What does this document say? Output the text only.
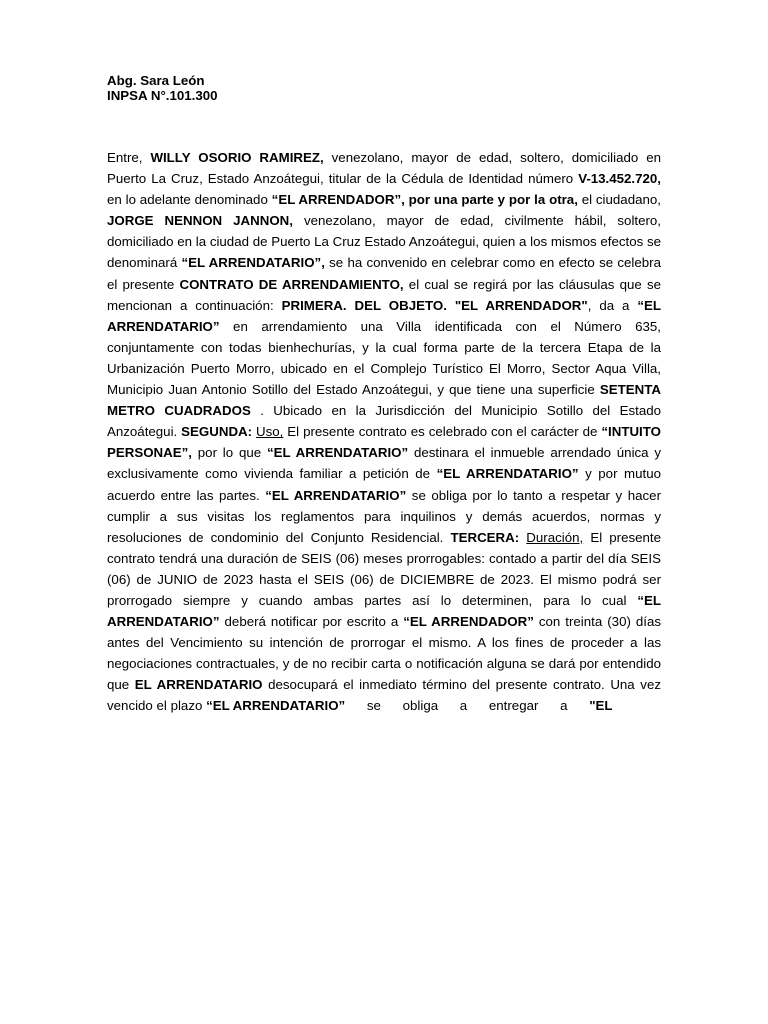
Abg. Sara León
INPSA N°.101.300
Entre, WILLY OSORIO RAMIREZ, venezolano, mayor de edad, soltero, domiciliado en Puerto La Cruz, Estado Anzoátegui, titular de la Cédula de Identidad número V-13.452.720, en lo adelante denominado “EL ARRENDADOR”, por una parte y por la otra, el ciudadano, JORGE NENNON JANNON, venezolano, mayor de edad, civilmente hábil, soltero, domiciliado en la ciudad de Puerto La Cruz Estado Anzoátegui, quien a los mismos efectos se denominará “EL ARRENDATARIO”, se ha convenido en celebrar como en efecto se celebra el presente CONTRATO DE ARRENDAMIENTO, el cual se regirá por las cláusulas que se mencionan a continuación: PRIMERA. DEL OBJETO. "EL ARRENDADOR", da a “EL ARRENDATARIO” en arrendamiento una Villa identificada con el Número 635, conjuntamente con todas bienhechurías, y la cual forma parte de la tercera Etapa de la Urbanización Puerto Morro, ubicado en el Complejo Turístico El Morro, Sector Aqua Villa, Municipio Juan Antonio Sotillo del Estado Anzoátegui, y que tiene una superficie SETENTA METRO CUADRADOS . Ubicado en la Jurisdicción del Municipio Sotillo del Estado Anzoátegui. SEGUNDA: Uso, El presente contrato es celebrado con el carácter de “INTUITO PERSONAE”, por lo que “EL ARRENDATARIO” destinara el inmueble arrendado única y exclusivamente como vivienda familiar a petición de “EL ARRENDATARIO” y por mutuo acuerdo entre las partes. “EL ARRENDATARIO” se obliga por lo tanto a respetar y hacer cumplir a sus visitas los reglamentos para inquilinos y demás acuerdos, normas y resoluciones de condominio del Conjunto Residencial. TERCERA: Duración, El presente contrato tendrá una duración de SEIS (06) meses prorrogables: contado a partir del día SEIS (06) de JUNIO de 2023 hasta el SEIS (06) de DICIEMBRE de 2023. El mismo podrá ser prorrogado siempre y cuando ambas partes así lo determinen, para lo cual “EL ARRENDATARIO” deberá notificar por escrito a “EL ARRENDADOR” con treinta (30) días antes del Vencimiento su intención de prorrogar el mismo. A los fines de proceder a las negociaciones contractuales, y de no recibir carta o notificación alguna se dará por entendido que EL ARRENDATARIO desocupará el inmediato término del presente contrato. Una vez vencido el plazo “EL ARRENDATARIO” se obliga a entregar a "EL
